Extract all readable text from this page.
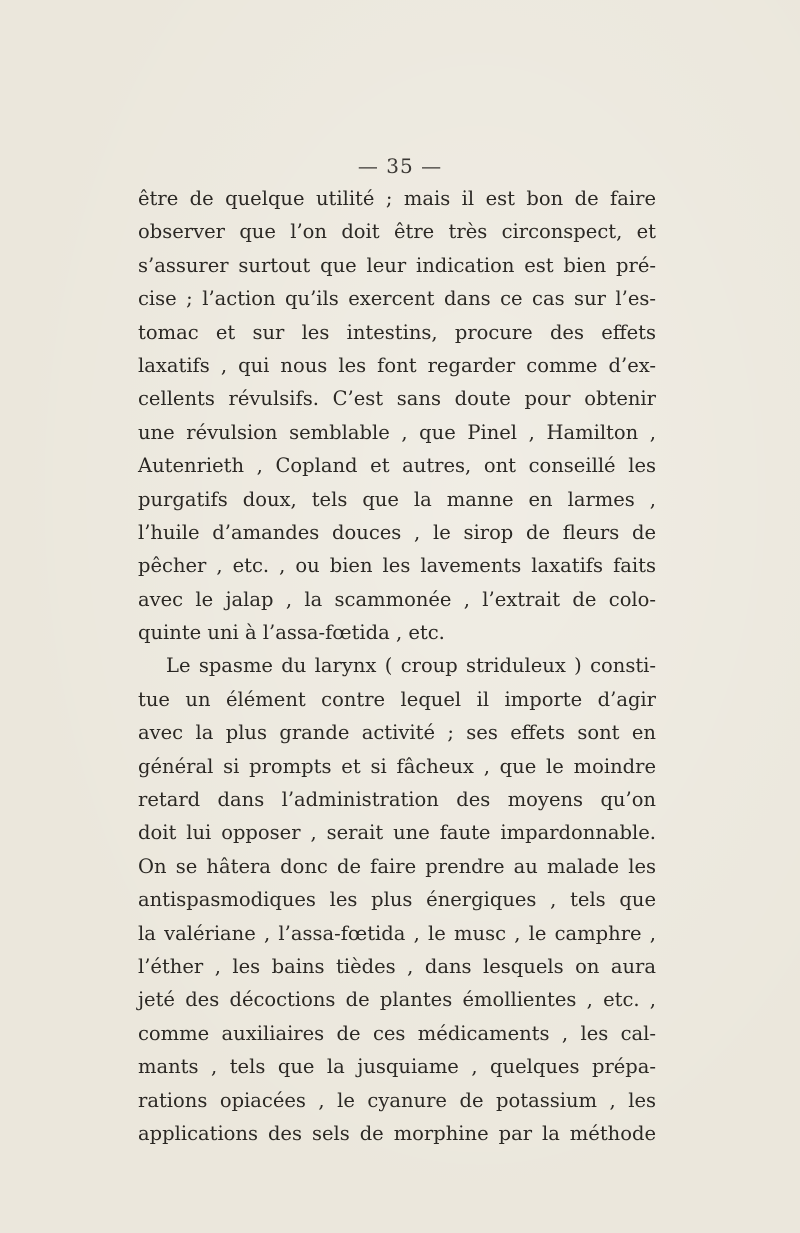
— 35 —
être de quelque utilité ; mais il est bon de faire
observer que l’on doit être très circonspect, et
s’assurer surtout que leur indication est bien pré-
cise ; l’action qu’ils exercent dans ce cas sur l’es-
tomac et sur les intestins, procure des effets
laxatifs , qui nous les font regarder comme d’ex-
cellents révulsifs. C’est sans doute pour obtenir
une révulsion semblable , que Pinel , Hamilton ,
Autenrieth , Copland et autres, ont conseillé les
purgatifs doux, tels que la manne en larmes ,
l’huile d’amandes douces , le sirop de fleurs de
pêcher , etc. , ou bien les lavements laxatifs faits
avec le jalap , la scammonée , l’extrait de colo-
quinte uni à l’assa-fœtida , etc.
Le spasme du larynx ( croup striduleux ) consti-
tue un élément contre lequel il importe d’agir
avec la plus grande activité ; ses effets sont en
général si prompts et si fâcheux , que le moindre
retard dans l’administration des moyens qu’on
doit lui opposer , serait une faute impardonnable.
On se hâtera donc de faire prendre au malade les
antispasmodiques les plus énergiques , tels que
la valériane , l’assa-fœtida , le musc , le camphre ,
l’éther , les bains tièdes , dans lesquels on aura
jeté des décoctions de plantes émollientes , etc. ,
comme auxiliaires de ces médicaments , les cal-
mants , tels que la jusquiame , quelques prépa-
rations opiacées , le cyanure de potassium , les
applications des sels de morphine par la méthode
